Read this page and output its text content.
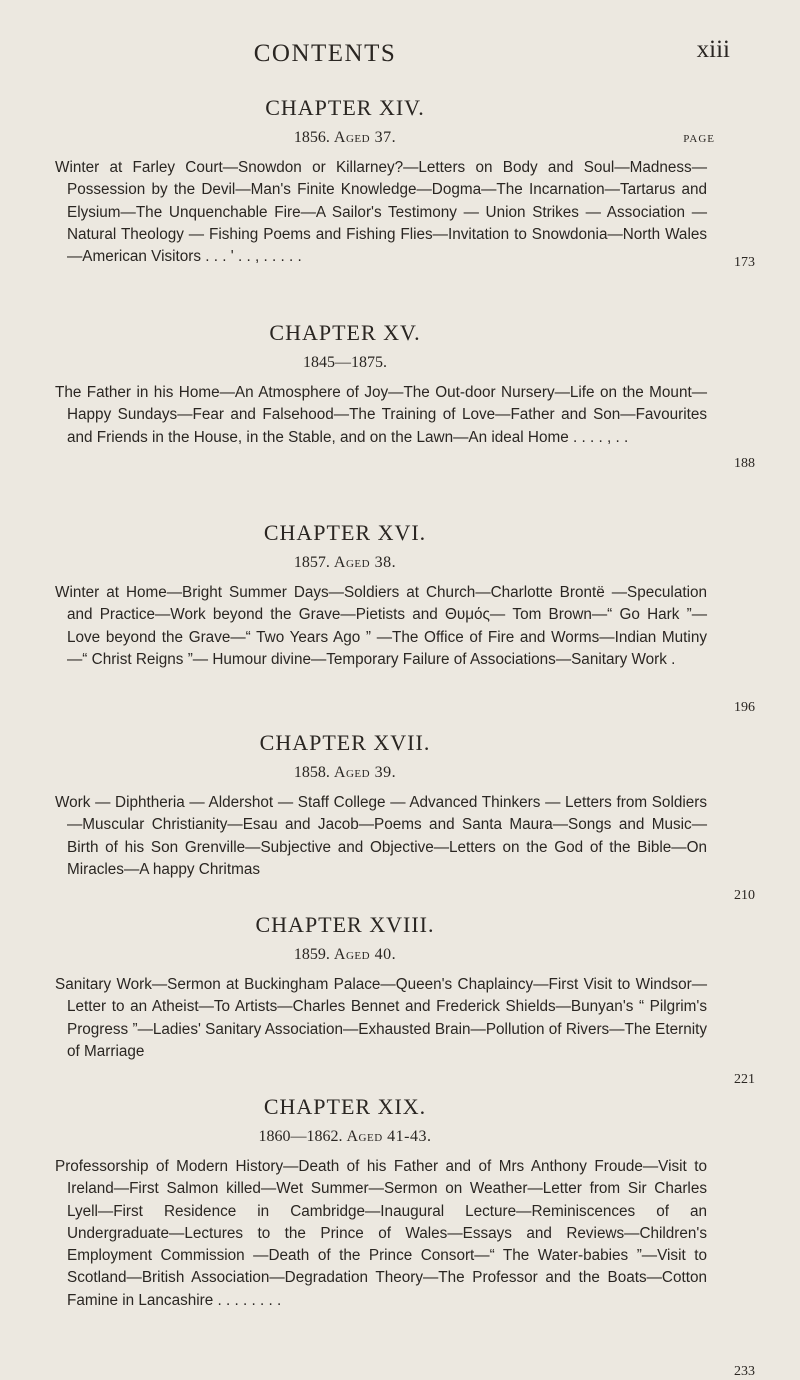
CONTENTS	xiii
CHAPTER XIV.
1856. Aged 37.	PAGE
Winter at Farley Court—Snowdon or Killarney?—Letters on Body and Soul—Madness—Possession by the Devil—Man's Finite Knowledge—Dogma—The Incarnation—Tartarus and Elysium—The Unquenchable Fire—A Sailor's Testimony — Union Strikes — Association — Natural Theology — Fishing Poems and Fishing Flies—Invitation to Snowdonia—North Wales —American Visitors . . . ' . . , . . . . .	173
CHAPTER XV.
1845—1875.
The Father in his Home—An Atmosphere of Joy—The Out-door Nursery—Life on the Mount—Happy Sundays—Fear and Falsehood—The Training of Love—Father and Son—Favourites and Friends in the House, in the Stable, and on the Lawn—An ideal Home . . . . , . .
188
CHAPTER XVI.
1857. Aged 38.
Winter at Home—Bright Summer Days—Soldiers at Church—Charlotte Brontë —Speculation and Practice—Work beyond the Grave—Pietists and Θυμός— Tom Brown—“ Go Hark ”—Love beyond the Grave—“ Two Years Ago ” —The Office of Fire and Worms—Indian Mutiny—“ Christ Reigns ”— Humour divine—Temporary Failure of Associations—Sanitary Work .
196
CHAPTER XVII.
1858. Aged 39.
Work — Diphtheria — Aldershot — Staff College — Advanced Thinkers — Letters from Soldiers—Muscular Christianity—Esau and Jacob—Poems and Santa Maura—Songs and Music—Birth of his Son Grenville—Subjective and Objective—Letters on the God of the Bible—On Miracles—A happy Chritmas
210
CHAPTER XVIII.
1859. Aged 40.
Sanitary Work—Sermon at Buckingham Palace—Queen's Chaplaincy—First Visit to Windsor—Letter to an Atheist—To Artists—Charles Bennet and Frederick Shields—Bunyan's “ Pilgrim's Progress ”—Ladies' Sanitary Association—Exhausted Brain—Pollution of Rivers—The Eternity of Marriage
221
CHAPTER XIX.
1860—1862. Aged 41-43.
Professorship of Modern History—Death of his Father and of Mrs Anthony Froude—Visit to Ireland—First Salmon killed—Wet Summer—Sermon on Weather—Letter from Sir Charles Lyell—First Residence in Cambridge—Inaugural Lecture—Reminiscences of an Undergraduate—Lectures to the Prince of Wales—Essays and Reviews—Children's Employment Commission —Death of the Prince Consort—“ The Water-babies ”—Visit to Scotland—British Association—Degradation Theory—The Professor and the Boats—Cotton Famine in Lancashire . . . . . . . .
233
